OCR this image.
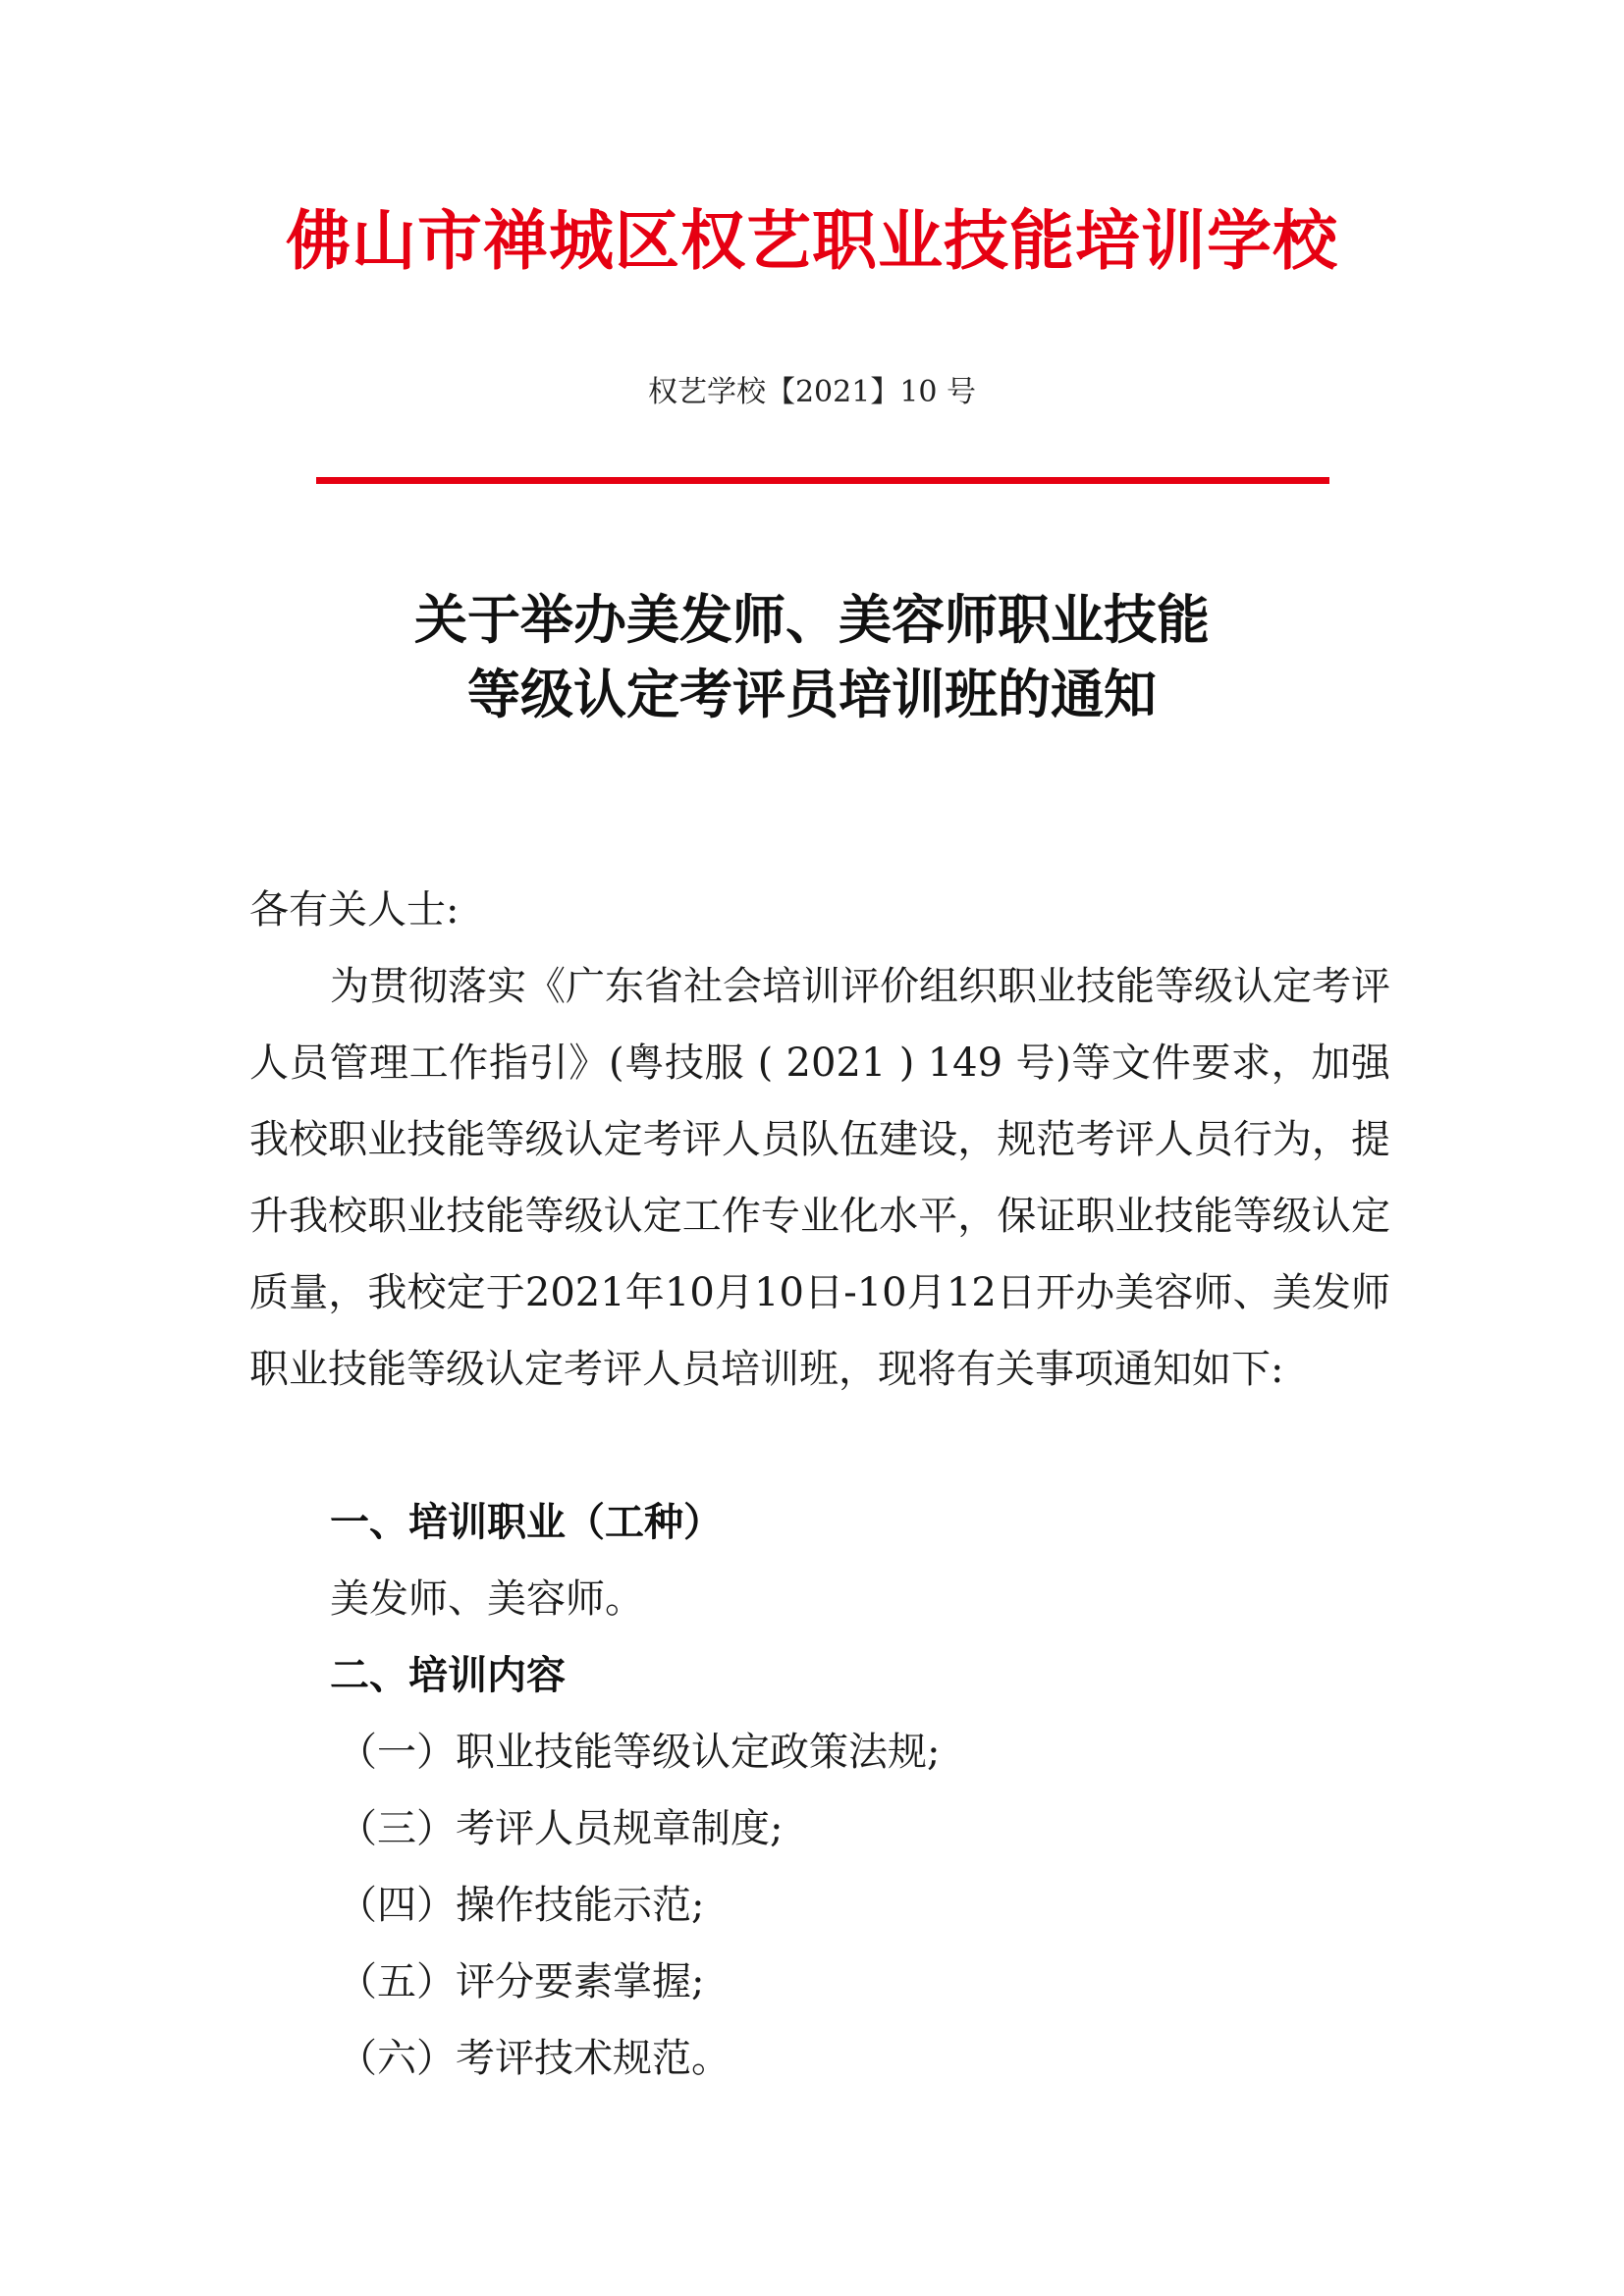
佛山市禅城区权艺职业技能培训学校
权艺学校【2021】10 号
关于举办美发师、美容师职业技能
等级认定考评员培训班的通知
各有关人士:
为贯彻落实《广东省社会培训评价组织职业技能等级认定考评人员管理工作指引》(粤技服 ( 2021 ) 149 号)等文件要求，加强我校职业技能等级认定考评人员队伍建设，规范考评人员行为，提升我校职业技能等级认定工作专业化水平，保证职业技能等级认定质量，我校定于2021年10月10日-10月12日开办美容师、美发师职业技能等级认定考评人员培训班，现将有关事项通知如下:
一、培训职业（工种）
美发师、美容师。
二、培训内容
（一）职业技能等级认定政策法规;
（三）考评人员规章制度;
（四）操作技能示范;
（五）评分要素掌握;
（六）考评技术规范。
